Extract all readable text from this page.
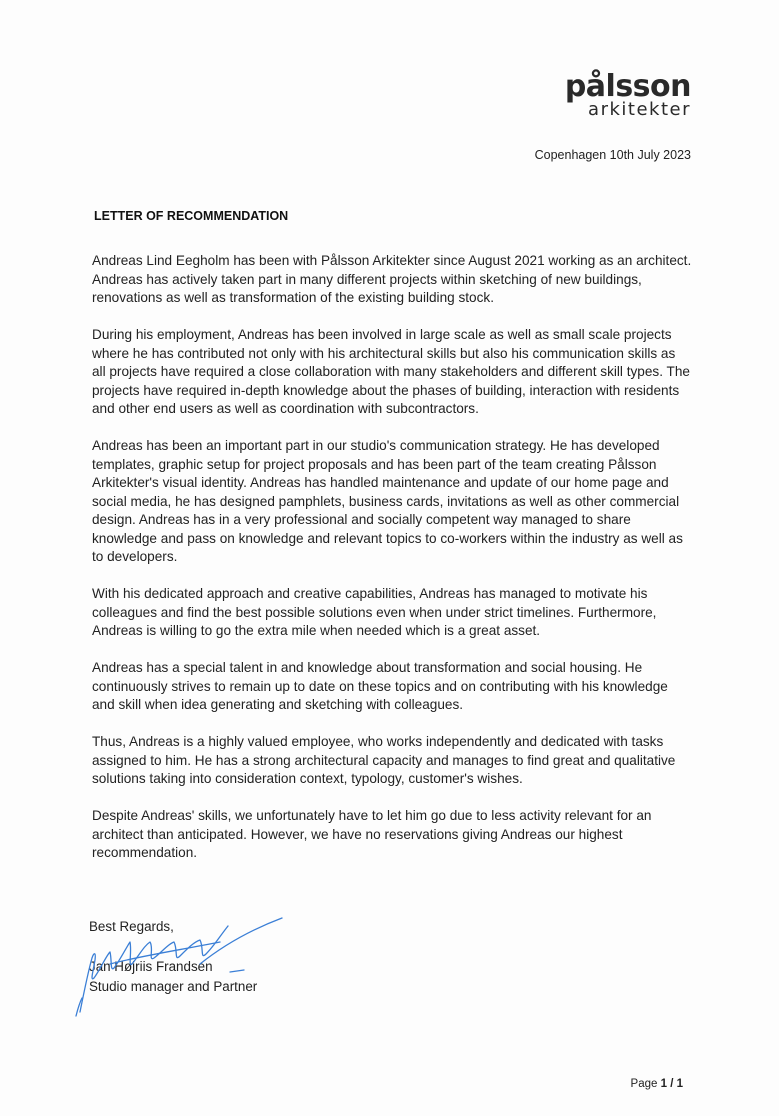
pålsson
arkitekter
Copenhagen 10th July 2023
LETTER OF RECOMMENDATION

Andreas Lind Eegholm has been with Pålsson Arkitekter since August 2021 working as an architect. Andreas has actively taken part in many different projects within sketching of new buildings, renovations as well as transformation of the existing building stock.

During his employment, Andreas has been involved in large scale as well as small scale projects where he has contributed not only with his architectural skills but also his communication skills as all projects have required a close collaboration with many stakeholders and different skill types. The projects have required in-depth knowledge about the phases of building, interaction with residents and other end users as well as coordination with subcontractors.

Andreas has been an important part in our studio's communication strategy. He has developed templates, graphic setup for project proposals and has been part of the team creating Pålsson Arkitekter's visual identity. Andreas has handled maintenance and update of our home page and social media, he has designed pamphlets, business cards, invitations as well as other commercial design. Andreas has in a very professional and socially competent way managed to share knowledge and pass on knowledge and relevant topics to co-workers within the industry as well as to developers.

With his dedicated approach and creative capabilities, Andreas has managed to motivate his colleagues and find the best possible solutions even when under strict timelines. Furthermore, Andreas is willing to go the extra mile when needed which is a great asset.

Andreas has a special talent in and knowledge about transformation and social housing. He continuously strives to remain up to date on these topics and on contributing with his knowledge and skill when idea generating and sketching with colleagues.

Thus, Andreas is a highly valued employee, who works independently and dedicated with tasks assigned to him. He has a strong architectural capacity and manages to find great and qualitative solutions taking into consideration context, typology, customer's wishes.

Despite Andreas' skills, we unfortunately have to let him go due to less activity relevant for an architect than anticipated. However, we have no reservations giving Andreas our highest recommendation.

Best Regards,
Jan Højriis Frandsen
Studio manager and Partner
Page 1 / 1
